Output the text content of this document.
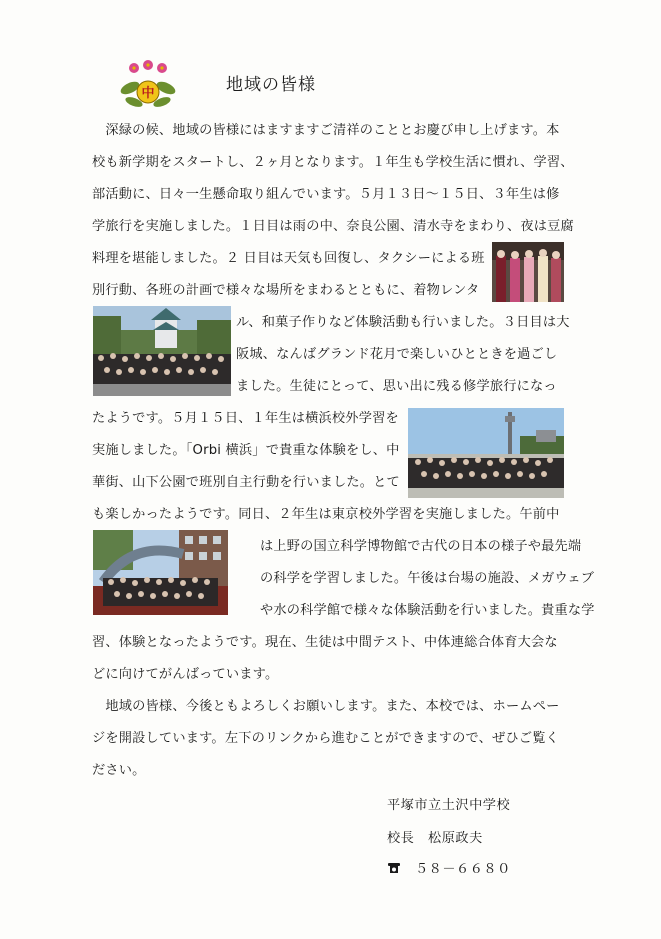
中	地域の皆様
　深緑の候、地域の皆様にはますますご清祥のこととお慶び申し上げます。本
校も新学期をスタートし、２ヶ月となります。１年生も学校生活に慣れ、学習、
部活動に、日々一生懸命取り組んでいます。５月１３日～１５日、３年生は修
学旅行を実施しました。１日目は雨の中、奈良公園、清水寺をまわり、夜は豆腐
料理を堪能しました。２ 日目は天気も回復し、タクシーによる班
別行動、各班の計画で様々な場所をまわるとともに、着物レンタ
ル、和菓子作りなど体験活動も行いました。３日目は大
阪城、なんばグランド花月で楽しいひとときを過ごし
ました。生徒にとって、思い出に残る修学旅行になっ
たようです。５月１５日、１年生は横浜校外学習を
実施しました。「Orbi 横浜」で貴重な体験をし、中
華街、山下公園で班別自主行動を行いました。とて
も楽しかったようです。同日、２年生は東京校外学習を実施しました。午前中
は上野の国立科学博物館で古代の日本の様子や最先端
の科学を学習しました。午後は台場の施設、メガウェブ
や水の科学館で様々な体験活動を行いました。貴重な学
習、体験となったようです。現在、生徒は中間テスト、中体連総合体育大会な
どに向けてがんばっています。
　地域の皆様、今後ともよろしくお願いします。また、本校では、ホームペー
ジを開設しています。左下のリンクから進むことができますので、ぜひご覧く
ださい。
平塚市立土沢中学校
校長　松原政夫
５８－６６８０
